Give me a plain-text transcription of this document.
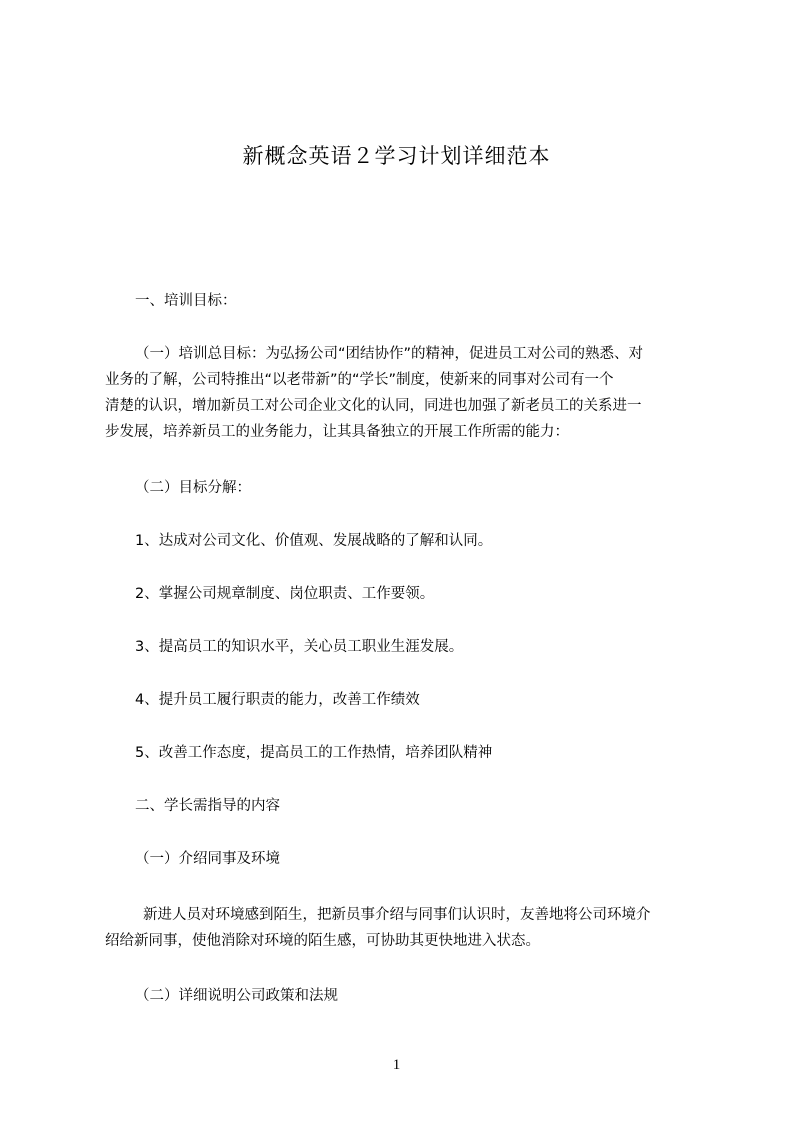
新概念英语２学习计划详细范本
一、培训目标：
（一）培训总目标：为弘扬公司“团结协作”的精神，促进员工对公司的熟悉、对
业务的了解，公司特推出“以老带新”的“学长”制度，使新来的同事对公司有一个
清楚的认识，增加新员工对公司企业文化的认同，同进也加强了新老员工的关系进一
步发展，培养新员工的业务能力，让其具备独立的开展工作所需的能力：
（二）目标分解：
1、达成对公司文化、价值观、发展战略的了解和认同。
2、掌握公司规章制度、岗位职责、工作要领。
3、提高员工的知识水平，关心员工职业生涯发展。
4、提升员工履行职责的能力，改善工作绩效
5、改善工作态度，提高员工的工作热情，培养团队精神
二、学长需指导的内容
（一）介绍同事及环境
新进人员对环境感到陌生，把新员事介绍与同事们认识时，友善地将公司环境介
绍给新同事，使他消除对环境的陌生感，可协助其更快地进入状态。
（二）详细说明公司政策和法规
1
